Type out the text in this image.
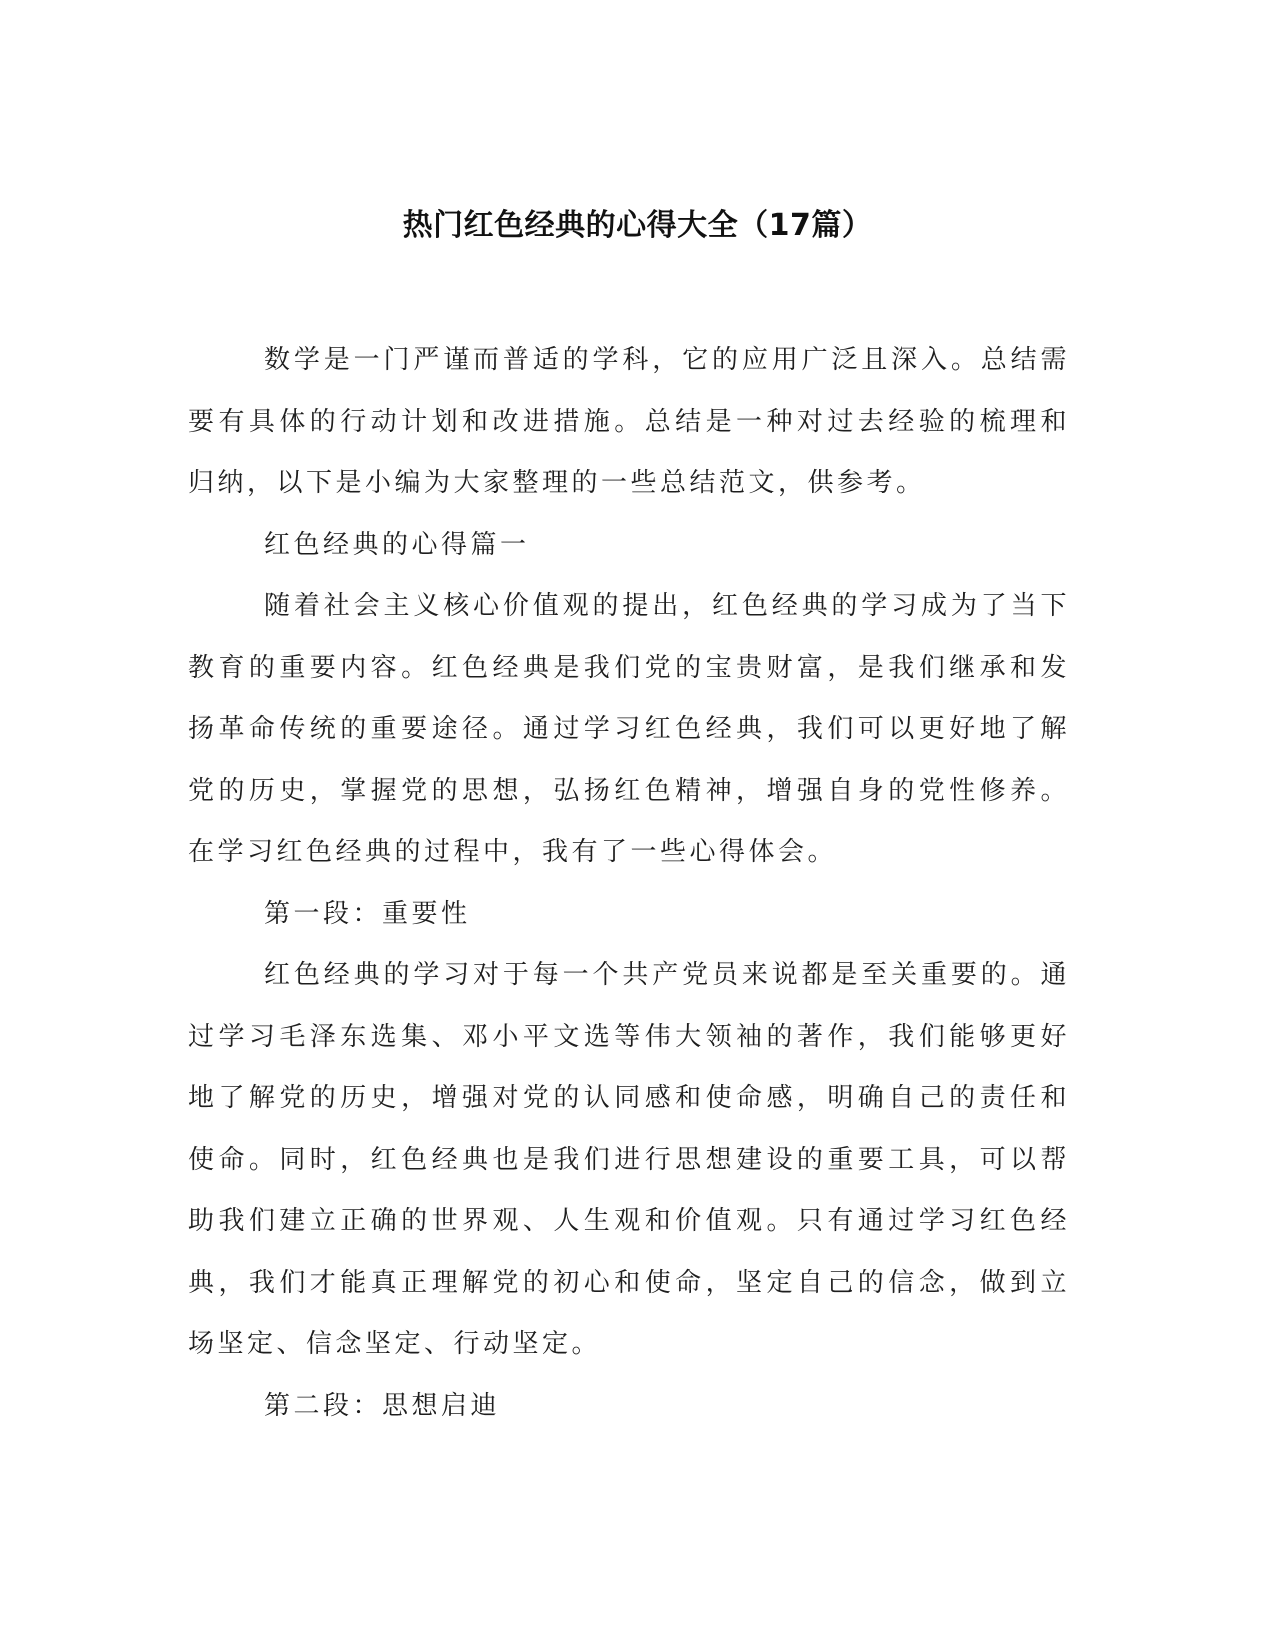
热门红色经典的心得大全（17篇）

数学是一门严谨而普适的学科，它的应用广泛且深入。总结需要有具体的行动计划和改进措施。总结是一种对过去经验的梳理和归纳，以下是小编为大家整理的一些总结范文，供参考。

红色经典的心得篇一

随着社会主义核心价值观的提出，红色经典的学习成为了当下教育的重要内容。红色经典是我们党的宝贵财富，是我们继承和发扬革命传统的重要途径。通过学习红色经典，我们可以更好地了解党的历史，掌握党的思想，弘扬红色精神，增强自身的党性修养。在学习红色经典的过程中，我有了一些心得体会。

第一段：重要性

红色经典的学习对于每一个共产党员来说都是至关重要的。通过学习毛泽东选集、邓小平文选等伟大领袖的著作，我们能够更好地了解党的历史，增强对党的认同感和使命感，明确自己的责任和使命。同时，红色经典也是我们进行思想建设的重要工具，可以帮助我们建立正确的世界观、人生观和价值观。只有通过学习红色经典，我们才能真正理解党的初心和使命，坚定自己的信念，做到立场坚定、信念坚定、行动坚定。

第二段：思想启迪
